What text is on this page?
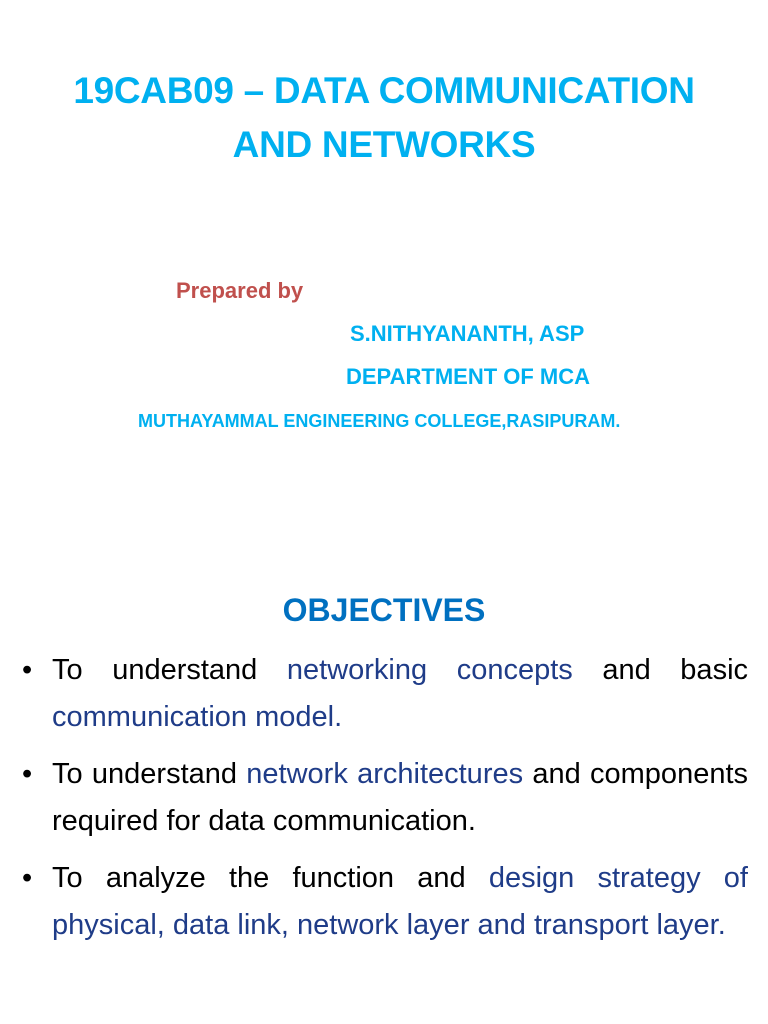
19CAB09 – DATA COMMUNICATION
AND NETWORKS
Prepared by
S.NITHYANANTH, ASP
DEPARTMENT OF MCA
MUTHAYAMMAL ENGINEERING COLLEGE,RASIPURAM.
OBJECTIVES
• To understand networking concepts and basic communication model.
• To understand network architectures and components required for data communication.
• To analyze the function and design strategy of physical, data link, network layer and transport layer.
